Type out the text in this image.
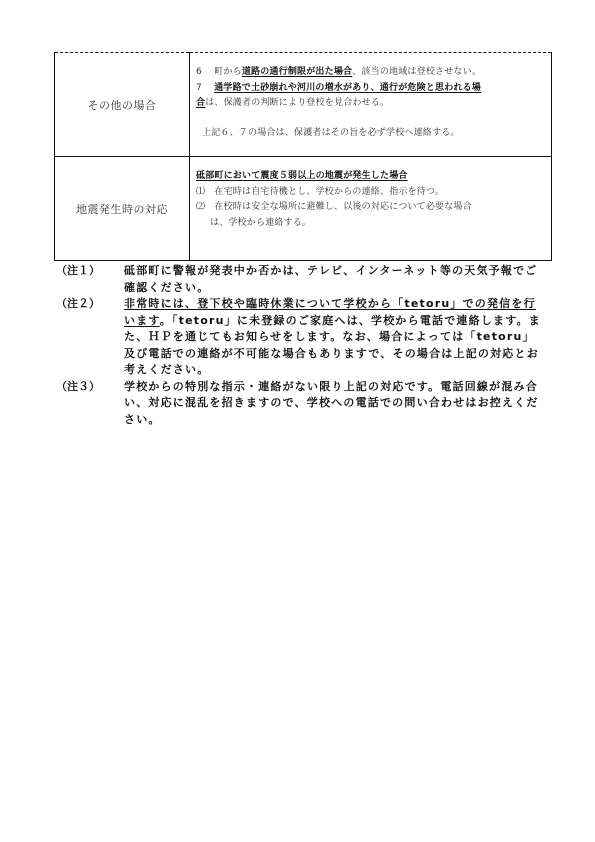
その他の場合	6　 町から道路の通行制限が出た場合、該当の地域は登校させない。
7　 通学路で土砂崩れや河川の増水があり、通行が危険と思われる場
合は、保護者の判断により登校を見合わせる。
上記６、７の場合は、保護者はその旨を必ず学校へ連絡する。

地震発生時の対応	砥部町において震度５弱以上の地震が発生した場合
⑴　在宅時は自宅待機とし、学校からの連絡、指示を待つ。
⑵　在校時は安全な場所に避難し、以後の対応について必要な場合
は、学校から連絡する。
（注１）	砥部町に警報が発表中か否かは、テレビ、インターネット等の天気予報でご確認ください。
（注２）	非常時には、登下校や臨時休業について学校から「tetoru」での発信を行います。「tetoru」に未登録のご家庭へは、学校から電話で連絡します。また、ＨＰを通じてもお知らせをします。なお、場合によっては「tetoru」及び電話での連絡が不可能な場合もありますで、その場合は上記の対応とお考えください。
（注３）	学校からの特別な指示・連絡がない限り上記の対応です。電話回線が混み合い、対応に混乱を招きますので、学校への電話での問い合わせはお控えください。
